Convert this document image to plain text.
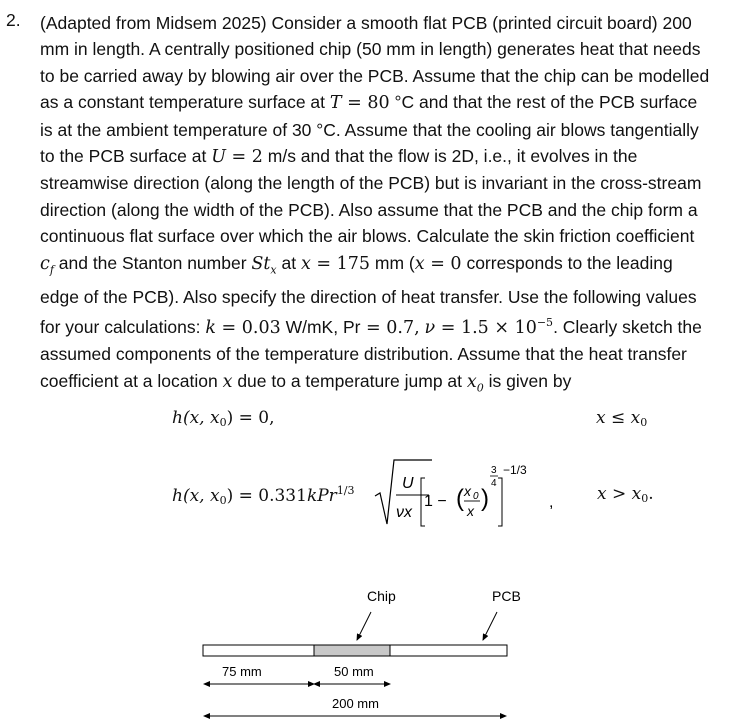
2. (Adapted from Midsem 2025) Consider a smooth flat PCB (printed circuit board) 200
mm in length. A centrally positioned chip (50 mm in length) generates heat that needs
to be carried away by blowing air over the PCB. Assume that the chip can be modelled
as a constant temperature surface at T = 80 °C and that the rest of the PCB surface
is at the ambient temperature of 30 °C. Assume that the cooling air blows tangentially
to the PCB surface at U = 2 m/s and that the flow is 2D, i.e., it evolves in the
streamwise direction (along the length of the PCB) but is invariant in the cross-stream
direction (along the width of the PCB). Also assume that the PCB and the chip form a
continuous flat surface over which the air blows. Calculate the skin friction coefficient
$c_f$ and the Stanton number $St_x$ at x = 175 mm (x = 0 corresponds to the leading
edge of the PCB). Also specify the direction of heat transfer. Use the following values
for your calculations: k = 0.03 W/mK, Pr = 0.7, $\nu = 1.5 \times 10^{-5}$. Clearly sketch the
assumed components of the temperature distribution. Assume that the heat transfer
coefficient at a location x due to a temperature jump at $x_0$ is given by
h(x, $x_0) = 0$,	$x \le x_0$
h(x, $x_0) = 0.331kPr^{1/3}$	U
νx
1 − ( x 0
x )
3
4
−1/3
,	$x > x_0$.
Chip	PCB
75 mm	50 mm
200 mm
